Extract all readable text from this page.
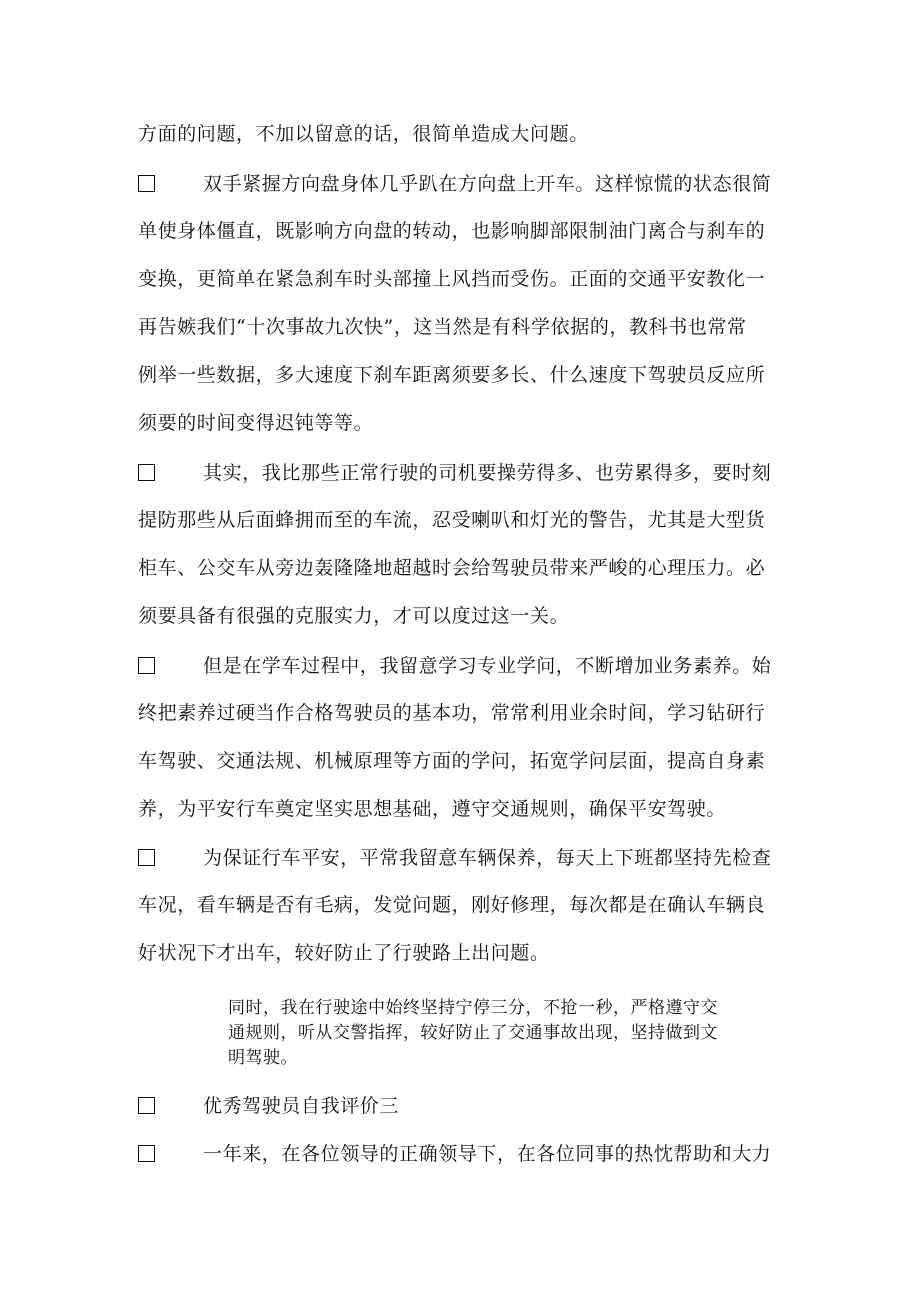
方面的问题，不加以留意的话，很简单造成大问题。
双手紧握方向盘身体几乎趴在方向盘上开车。这样惊慌的状态很简
单使身体僵直，既影响方向盘的转动，也影响脚部限制油门离合与刹车的
变换，更简单在紧急刹车时头部撞上风挡而受伤。正面的交通平安教化一
再告嫉我们“十次事故九次快”，这当然是有科学依据的，教科书也常常
例举一些数据，多大速度下刹车距离须要多长、什么速度下驾驶员反应所
须要的时间变得迟钝等等。
其实，我比那些正常行驶的司机要操劳得多、也劳累得多，要时刻
提防那些从后面蜂拥而至的车流，忍受喇叭和灯光的警告，尤其是大型货
柜车、公交车从旁边轰隆隆地超越时会给驾驶员带来严峻的心理压力。必
须要具备有很强的克服实力，才可以度过这一关。
但是在学车过程中，我留意学习专业学问，不断增加业务素养。始
终把素养过硬当作合格驾驶员的基本功，常常利用业余时间，学习钻研行
车驾驶、交通法规、机械原理等方面的学问，拓宽学问层面，提高自身素
养，为平安行车奠定坚实思想基础，遵守交通规则，确保平安驾驶。
为保证行车平安，平常我留意车辆保养，每天上下班都坚持先检查
车况，看车辆是否有毛病，发觉问题，刚好修理，每次都是在确认车辆良
好状况下才出车，较好防止了行驶路上出问题。
同时，我在行驶途中始终坚持宁停三分，不抢一秒，严格遵守交
通规则，听从交警指挥，较好防止了交通事故出现，坚持做到文
明驾驶。
优秀驾驶员自我评价三
一年来，在各位领导的正确领导下，在各位同事的热忱帮助和大力
